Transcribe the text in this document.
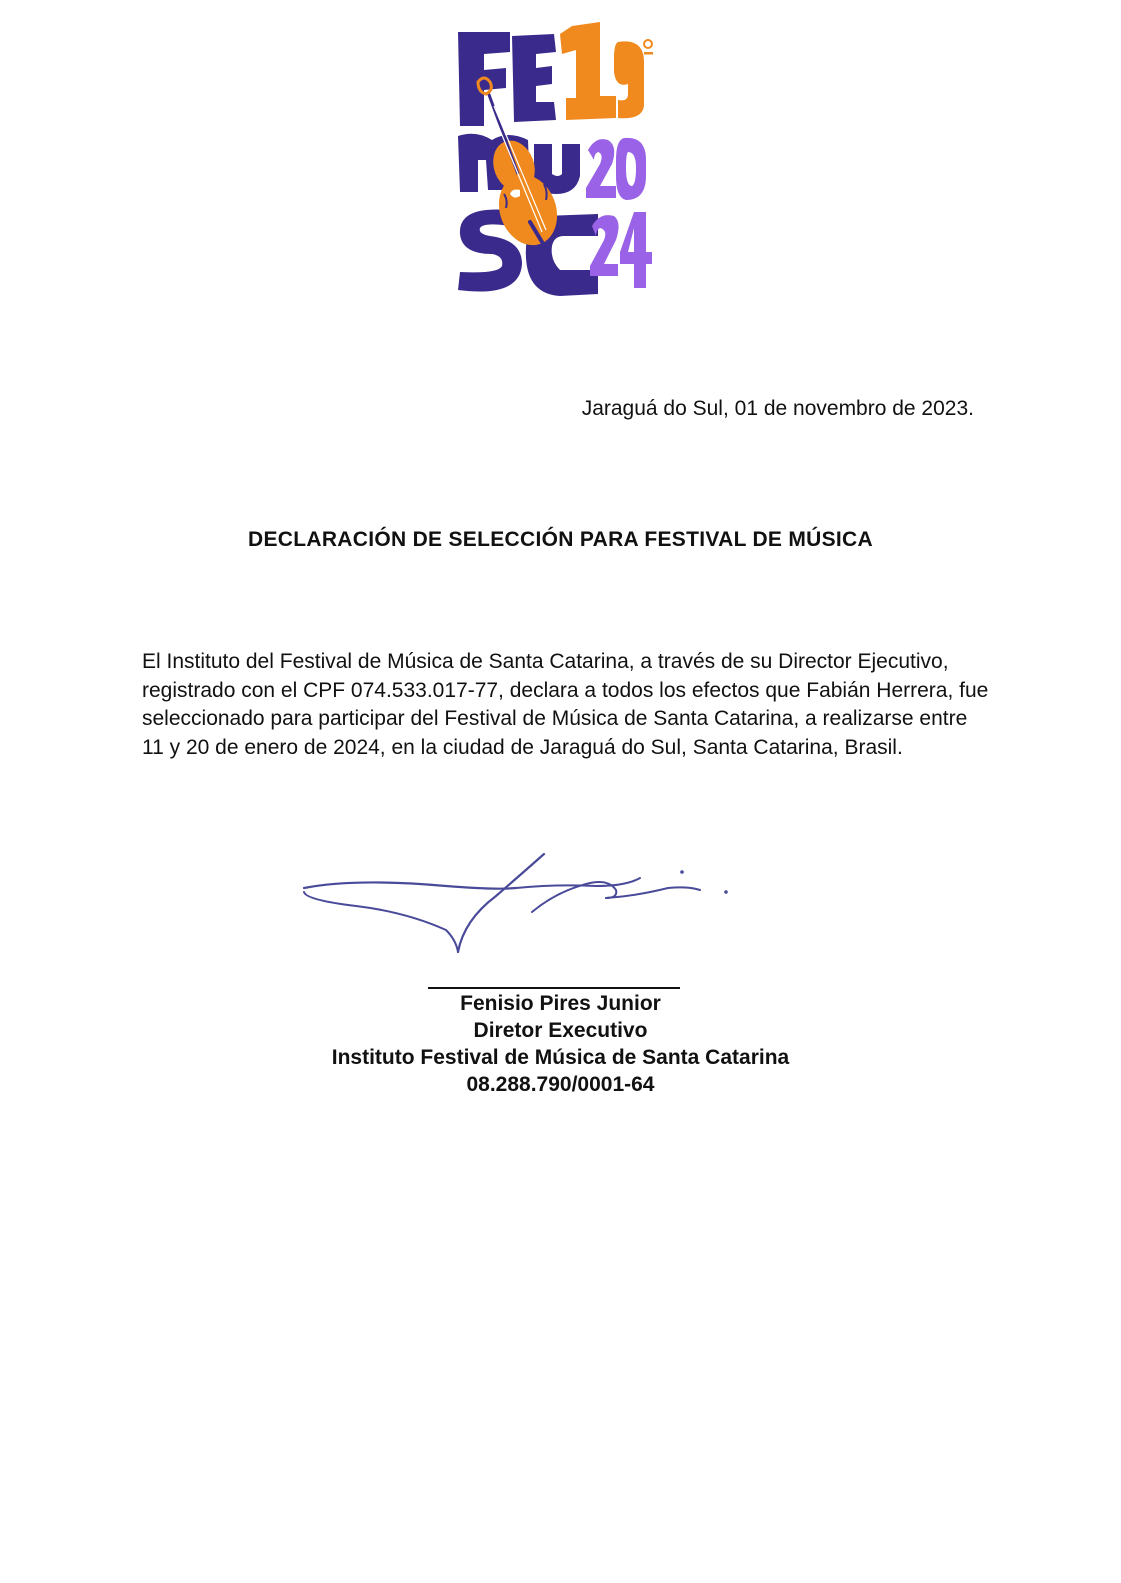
Jaraguá do Sul, 01 de novembro de 2023.
DECLARACIÓN DE SELECCIÓN PARA FESTIVAL DE MÚSICA

El Instituto del Festival de Música de Santa Catarina, a través de su Director Ejecutivo, registrado con el CPF 074.533.017-77, declara a todos los efectos que Fabián Herrera, fue seleccionado para participar del Festival de Música de Santa Catarina, a realizarse entre 11 y 20 de enero de 2024, en la ciudad de Jaraguá do Sul, Santa Catarina, Brasil.

Fenisio Pires Junior
Diretor Executivo
Instituto Festival de Música de Santa Catarina
08.288.790/0001-64
